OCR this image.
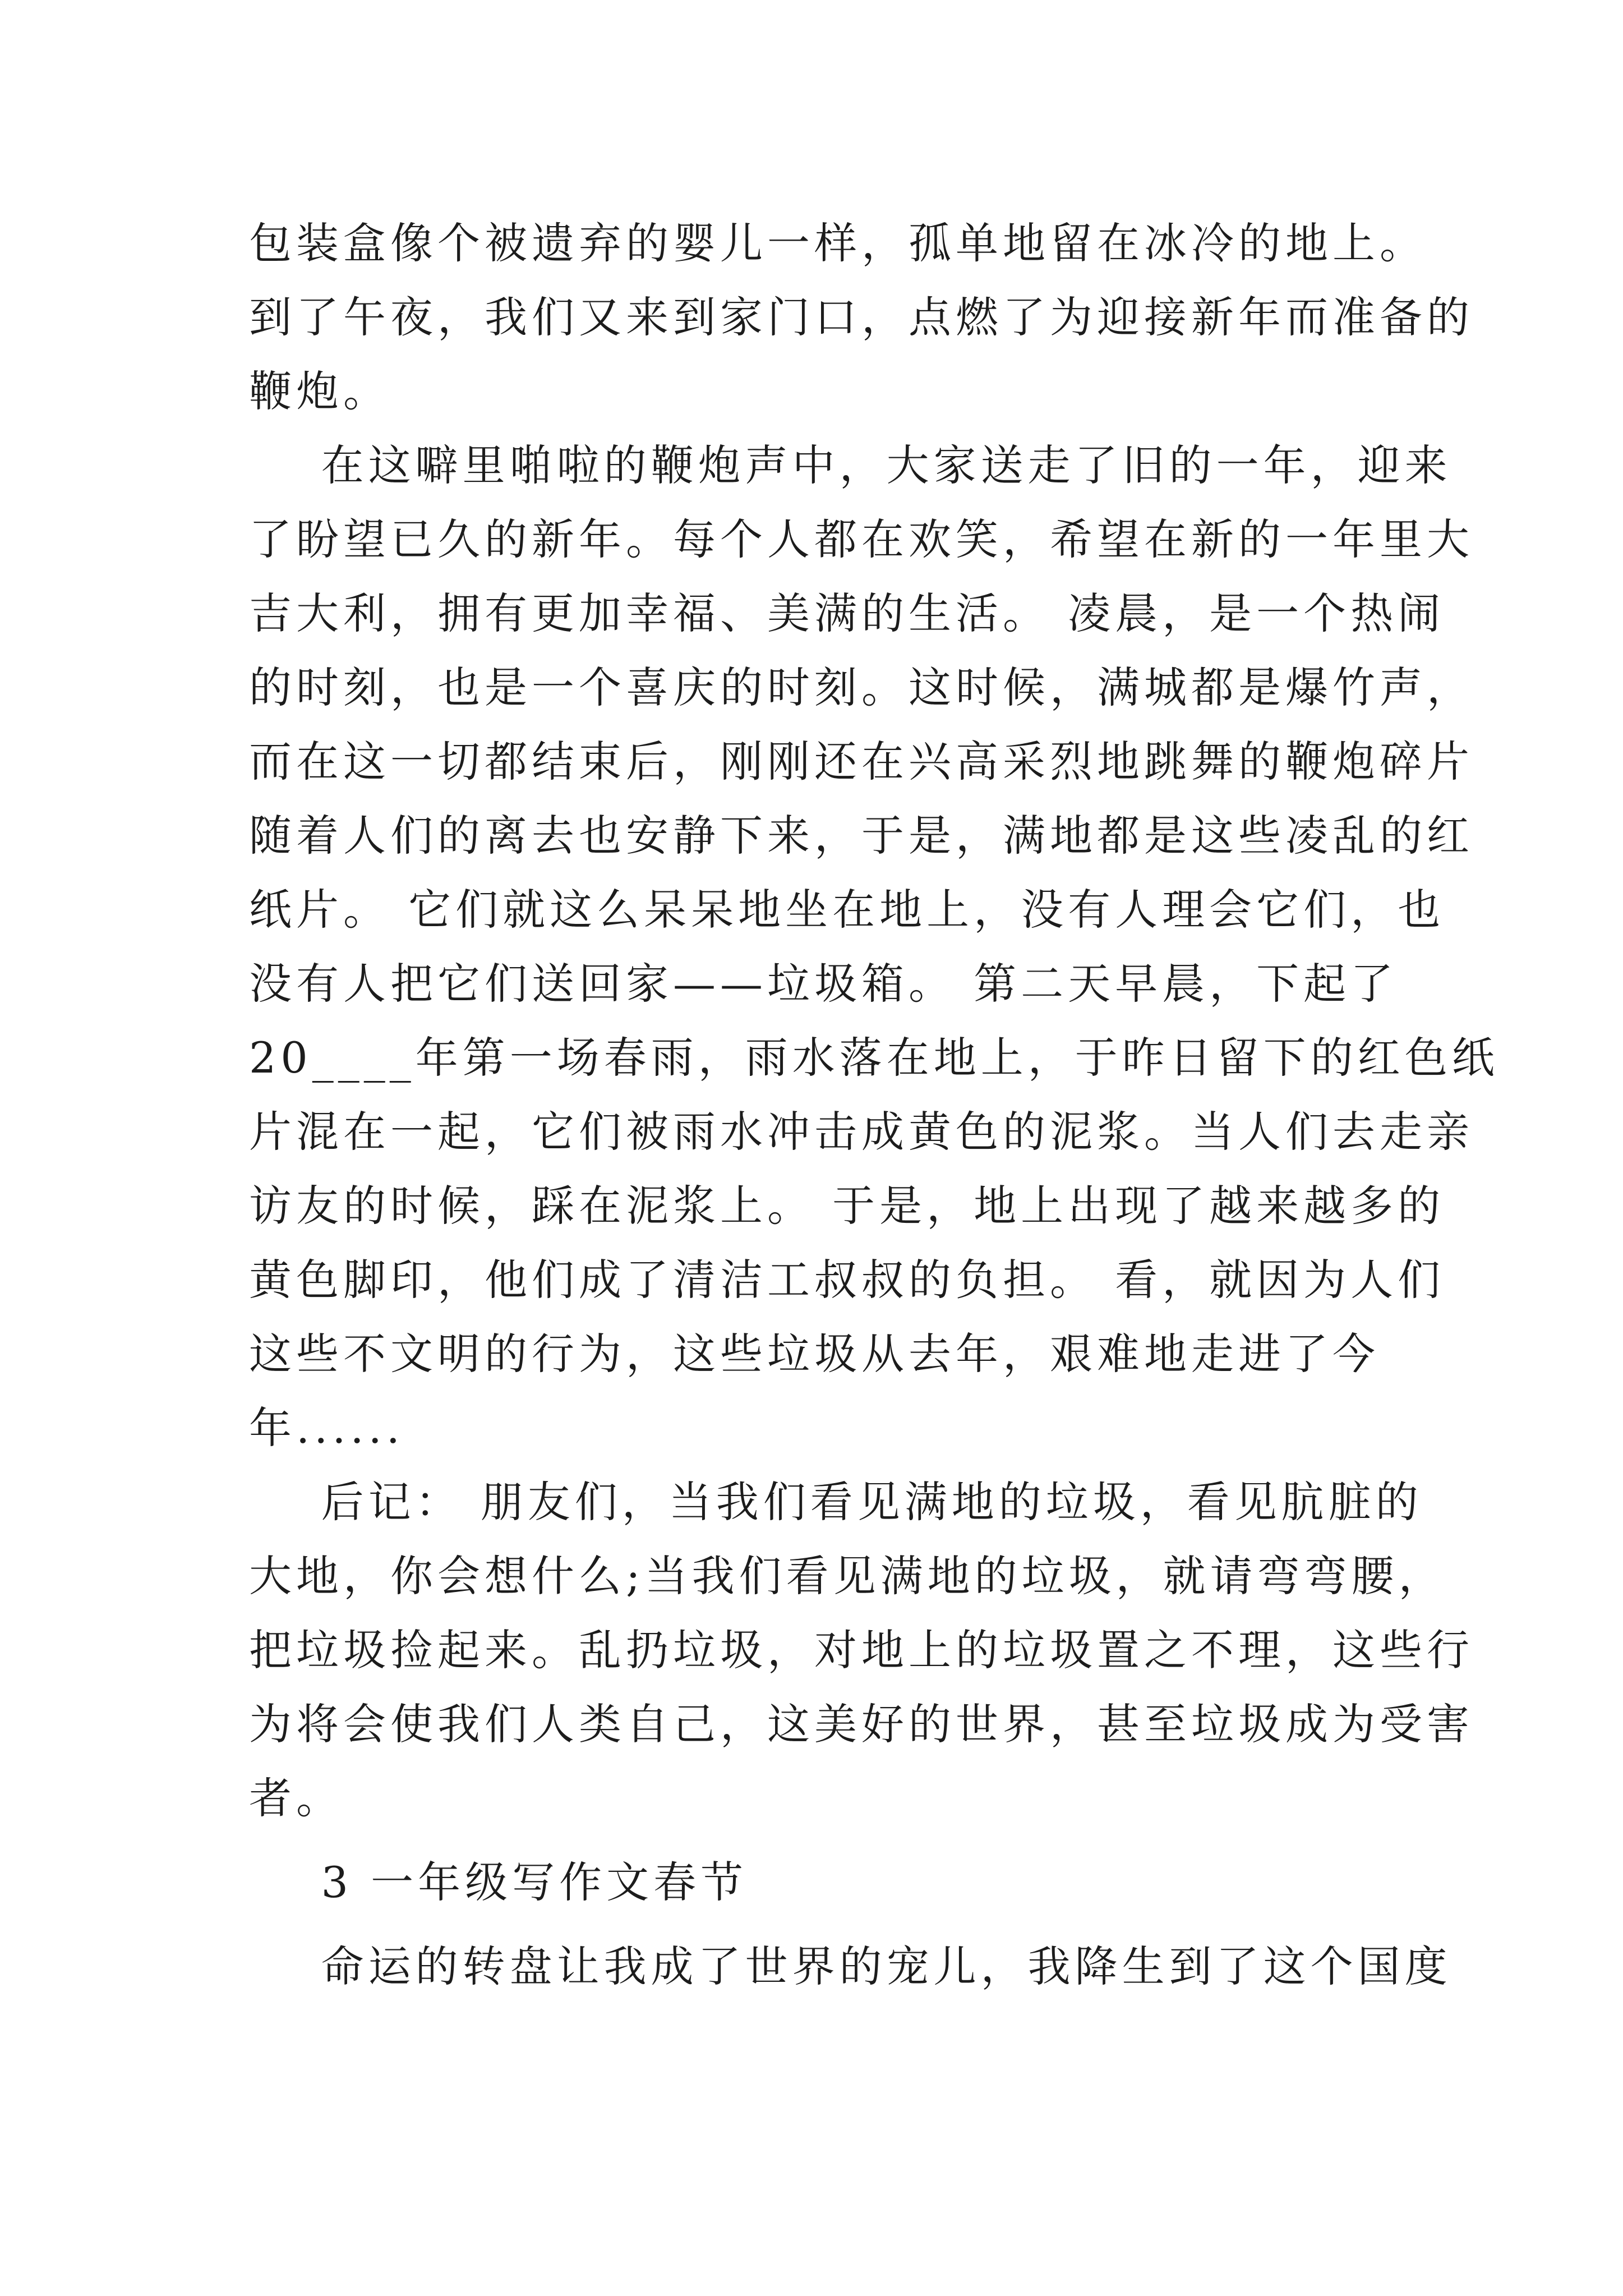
包装盒像个被遗弃的婴儿一样，孤单地留在冰冷的地上。
到了午夜，我们又来到家门口，点燃了为迎接新年而准备的
鞭炮。
在这噼里啪啦的鞭炮声中，大家送走了旧的一年，迎来
了盼望已久的新年。每个人都在欢笑，希望在新的一年里大
吉大利，拥有更加幸福、美满的生活。 凌晨，是一个热闹
的时刻，也是一个喜庆的时刻。这时候，满城都是爆竹声，
而在这一切都结束后，刚刚还在兴高采烈地跳舞的鞭炮碎片
随着人们的离去也安静下来，于是，满地都是这些凌乱的红
纸片。 它们就这么呆呆地坐在地上，没有人理会它们，也
没有人把它们送回家——垃圾箱。 第二天早晨，下起了
20____年第一场春雨，雨水落在地上，于昨日留下的红色纸
片混在一起，它们被雨水冲击成黄色的泥浆。当人们去走亲
访友的时候，踩在泥浆上。 于是，地上出现了越来越多的
黄色脚印，他们成了清洁工叔叔的负担。 看，就因为人们
这些不文明的行为，这些垃圾从去年，艰难地走进了今
年......
后记： 朋友们，当我们看见满地的垃圾，看见肮脏的
大地，你会想什么;当我们看见满地的垃圾，就请弯弯腰，
把垃圾捡起来。乱扔垃圾，对地上的垃圾置之不理，这些行
为将会使我们人类自己，这美好的世界，甚至垃圾成为受害
者。
3 一年级写作文春节
命运的转盘让我成了世界的宠儿，我降生到了这个国度
